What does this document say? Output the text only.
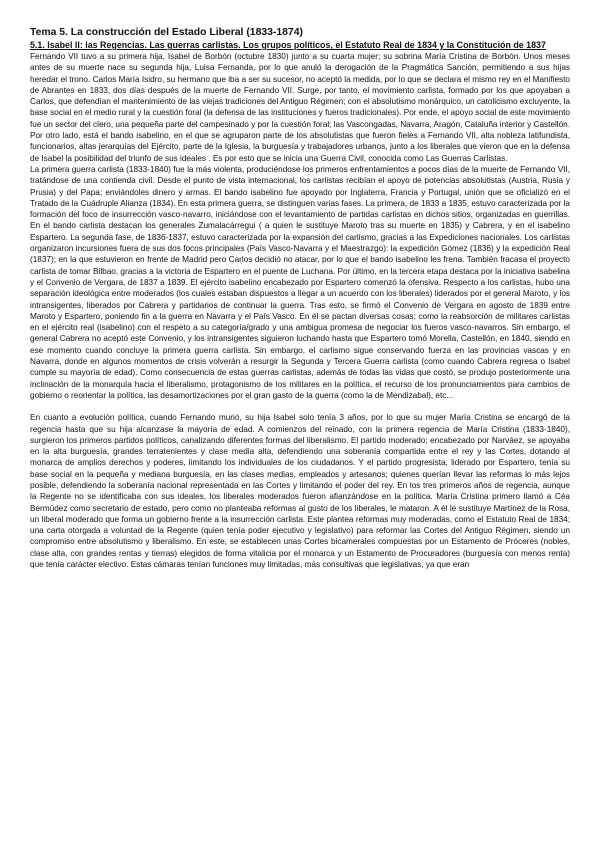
Tema 5. La construcción del Estado Liberal (1833-1874)
5.1. Isabel II: las Regencias. Las guerras carlistas. Los grupos políticos, el Estatuto Real de 1834 y la Constitución de 1837

Fernando VII tuvo a su primera hija, Isabel de Borbón (octubre 1830) junto a su cuarta mujer; su sobrina María Cristina de Borbón. Unos meses antes de su muerte nace su segunda hija, Luisa Fernanda, por lo que anuló la derogación de la Pragmática Sanción, permitiendo a sus hijas heredar el trono. Carlos María Isidro, su hermano que iba a ser su sucesor, no aceptó la medida, por lo que se declara el mismo rey en el Manifiesto de Abrantes en 1833, dos días después de la muerte de Fernando VII. Surge, por tanto, el movimiento carlista, formado por los que apoyaban a Carlos, que defendían el mantenimiento de las viejas tradiciones del Antiguo Régimen; con el absolutismo monárquico, un catolicismo excluyente, la base social en el medio rural y la cuestión foral (la defensa de las instituciones y fueros tradicionales). Por ende, el apoyo social de este movimiento fue un sector del clero, una pequeña parte del campesinado y por la cuestión foral; las Vascongadas, Navarra, Aragón, Cataluña interior y Castellón. Por otro lado, está el bando isabelino, en el que se agruparon parte de los absolutistas que fueron fieles a Fernando VII, alta nobleza latifundista, funcionarios, altas jerarquías del Ejército, parte de la Iglesia, la burguesía y trabajadores urbanos, junto a los liberales que vieron que en la defensa de Isabel la posibilidad del triunfo de sus ideales . Es por esto que se inicia una Guerra Civil, conocida como Las Guerras Carlistas.

La primera guerra carlista (1833-1840) fue la más violenta, produciéndose los primeros enfrentamientos a pocos días de la muerte de Fernando VII, tratándose de una contienda civil. Desde el punto de vista internacional, los carlistas recibían el apoyo de potencias absolutistas (Austria, Rusia y Prusia) y del Papa; enviándoles dinero y armas. El bando isabelino fue apoyado por Inglaterra, Francia y Portugal, unión que se oficializó en el Tratado de la Cuádruple Alianza (1834). En esta primera guerra, se distinguen varias fases. La primera, de 1833 a 1835, estuvo caracterizada por la formación del foco de insurrección vasco-navarro, iniciándose con el levantamiento de partidas carlistas en dichos sitios, organizadas en guerrillas. En el bando carlista destacan los generales Zumalacárregui ( a quien le sustituye Maroto tras su muerte en 1835) y Cabrera, y en el isabelino Espartero. La segunda fase, de 1836-1837, estuvo caracterizada por la expansión del carlismo, gracias a las Expediciones nacionales. Los carlistas organizaron incursiones fuera de sus dos focos principales (País Vasco-Navarra y el Maestrazgo): la expedición Gómez (1836) y la expedición Real (1837); en la que estuvieron en frente de Madrid pero Carlos decidió no atacar, por lo que el bando isabelino les frena. También fracasa el proyecto carlista de tomar Bilbao, gracias a la victoria de Espartero en el puente de Luchana. Por último, en la tercera etapa destaca por la iniciativa isabelina y el Convenio de Vergara, de 1837 a 1839. El ejército isabelino encabezado por Espartero comenzó la ofensiva. Respecto a los carlistas, hubo una separación ideológica entre moderados (los cuales estaban dispuestos a llegar a un acuerdo con los liberales) liderados por el general Maroto, y los intransigentes, liberados por Cabrera y partidarios de continuar la guerra. Tras esto, se firmó el Convenio de Vergara en agosto de 1839 entre Maroto y Espartero, poniendo fin a la guerra en Navarra y el País Vasco. En él se pactan diversas cosas; como la reabsorción de militares carlistas en el ejército real (isabelino) con el respeto a su categoría/grado y una ambigua promesa de negociar los fueros vasco-navarros. Sin embargo, el general Cabrera no aceptó este Convenio, y los intransigentes siguieron luchando hasta que Espartero tomó Morella, Castellón, en 1840, siendo en ese momento cuando concluye la primera guerra carlista. Sin embargo, el carlismo sigue conservando fuerza en las provincias vascas y en Navarra, donde en algunos momentos de crisis volverán a resurgir la Segunda y Tercera Guerra carlista (como cuando Cabrera regresa o Isabel cumple su mayoría de edad). Como consecuencia de estas guerras carlistas, además de todas las vidas que costó, se produjo posteriormente una inclinación de la monarquía hacia el liberalismo, protagonismo de los militares en la política, el recurso de los pronunciamientos para cambios de gobierno o reorientar la política, las desamortizaciones por el gran gasto de la guerra (como la de Mendizabal), etc...

En cuanto a evolución política, cuando Fernando murió, su hija Isabel solo tenía 3 años, por lo que su mujer María Cristina se encargó de la regencia hasta que su hija alcanzase la mayoría de edad. A comienzos del reinado, con la primera regencia de María Cristina (1833-1840), surgieron los primeros partidos políticos, canalizando diferentes formas del liberalismo. El partido moderado; encabezado por Narváez, se apoyaba en la alta burguesía, grandes terratenientes y clase media alta, defendiendo una soberanía compartida entre el rey y las Cortes, dotando al monarca de amplios derechos y poderes, limitando los individuales de los ciudadanos. Y el partido progresista, liderado por Espartero, tenía su base social en la pequeña y mediana burguesía, en las clases medias, empleados y artesanos; quienes querían llevar las reformas lo más lejos posible, defendiendo la soberanía nacional representada en las Cortes y limitando el poder del rey. En los tres primeros años de regencia, aunque la Regente no se identificaba con sus ideales, los liberales moderados fueron afianzándose en la política. María Cristina primero llamó a Céa Bermúdez como secretario de estado, pero como no planteaba reformas al gusto de los liberales, le mataron. A él le sustituye Martínez de la Rosa, un liberal moderado que forma un gobierno frente a la insurrección carlista. Este plantea reformas muy moderadas, como el Estatuto Real de 1834; una carta otorgada a voluntad de la Regente (quien tenía poder ejecutivo y legislativo) para reformar las Cortes del Antiguo Régimen, siendo un compromiso entre absolutismo y liberalismo. En este, se establecen unas Cortes bicamerales compuestas por un Estamento de Próceres (nobles, clase alta, con grandes rentas y tierras) elegidos de forma vitalicia por el monarca y un Estamento de Procuradores (burguesía con menos renta) que tenía carácter electivo. Estas cámaras tenían funciones muy limitadas, más consultivas que legislativas, ya que eran
